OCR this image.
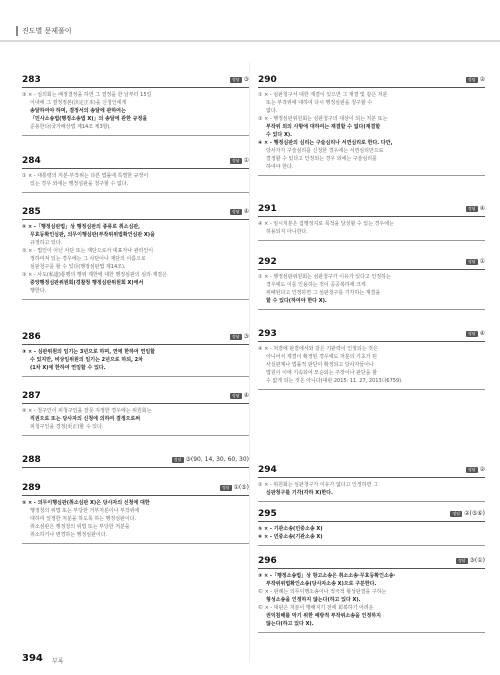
진도별 문제풀이
283	정답 ③
③ × - 심의회는 배정결정을 하면 그 결정을 한 날부터 15일
이내에 그 결정정본(決定正本)을 신청인에게
송달하여야 하며, 결정서의 송달에 관하여는
「민사소송법(행정소송법 X)」의 송달에 관한 규정을
준용한다(국가배상법 제14조 제3항).
284	정답 ①
① × - 대통령의 처분·부작위는 다른 법률에 특별한 규정이
있는 경우 외에는 행정심판을 청구할 수 없다.
285	정답 ④
① × -「행정심판법」상 행정심판의 종류로 취소심판,
무효등확인심판, 의무이행심판(부작위위법확인심판 X)을
규정하고 있다.
② × - 법인이 아닌 사단 또는 재단으로서 대표자나 관리인이
정하여져 있는 경우에는 그 사단이나 재단의 이름으로
심판청구를 할 수 있다(행정심판법 제14조).
③ × - 사도(私道)통행의 행위 제한에 대한 행정심판의 심리·재결은
중앙행정심판위원회(경찰청 행정심판위원회 X)에서
행한다.
286	정답 ③
③ × - 심판위원의 임기는 3년으로 하며, 연에 한하여 연임할
수 있지만, 비상임위원의 임기는 2년으로 하되, 2차
(1차 X)에 한하여 연임할 수 있다.
287	정답 ④
④ × - 청구인이 피청구인을 잘못 지정한 경우에는 위원회는
직권으로 또는 당사자의 신청에 의하여 결정으로써
피청구인을 경정(更正)할 수 있다.
288	정답 ③(90, 14, 30, 60, 30)
289	정답 ①(⑤)
⑤ × - 의무이행심판(취소심판 X)은 당사자의 신청에 대한
행정청의 위법 또는 부당한 거부처분이나 부작위에
대하여 일정한 처분을 하도록 하는 행정심판이다.
취소심판은 행정청의 위법 또는 부당한 처분을
취소하거나 변경하는 행정심판이다.
290	정답 ②
① × - 심판청구서 대한 재결이 있으면 그 재결 및 같은 처분
또는 부작위에 대하여 다시 행정심판을 청구할 수
없다.
③ × - 행정심판위원회는 심판청구의 대상이 되는 처분 또는
부작위 외의 사항에 대하여는 재결할 수 없다(재결할
수 있다 X).
④ × - 행정심판의 심리는 구술심리나 서면심리로 한다. 다만,
당사자가 구술심리를 신청한 경우에는 서면심리만으로
결정할 수 있다고 인정되는 경우 외에는 구술심리를
하여야 한다.
291	정답 ④
④ × - 임시처분은 집행정지로 목적을 달성할 수 있는 경우에는
허용되지 아니한다.
292	정답 ①
① × - 행정심판위원회는 심판청구가 이유가 있다고 인정하는
경우에도 이를 인용하는 것이 공공복리에 크게
위배된다고 인정하면 그 심판청구를 기각하는 재결을
할 수 있다(하여야 한다 X).
293	정답 ④
④ × - 처결에 판결에서와 같은 기판력이 인정되는 것은
아니어서 재결이 확정된 경우에도 처분의 기초가 된
사실관계나 법률적 판단이 확정되고 당사자들이나
법원이 이에 기속되어 모순되는 주장이나 판단을 할
수 없게 되는 것은 아니다(대판 2015. 11. 27, 2013다6759).
294	정답 ②
② × - 위원회는 심판청구가 이유가 없다고 인정하면 그
심판청구를 기각(각하 X)한다.
295	정답 ②(⑤⑥)
⑤ × - 기관소송(민중소송 X)
⑥ × - 민중소송(기관소송 X)
296	정답 ③(①)
③ × -「행정소송법」상 항고소송은 취소소송·무효등확인소송·
부작위위법확인소송(당사자소송 X)으로 구분한다.
© × - 판례는 의무이행소송이나 적극적 형성판결을 구하는
형성소송을 인정하지 않는다(하고 있다 X).
© × - 대판은 처분이 행해지기 전에 회복하기 어려운
권익침해를 막기 위한 예방적 부작위소송을 인정하지
않는다(하고 있다 X).
394 부록
